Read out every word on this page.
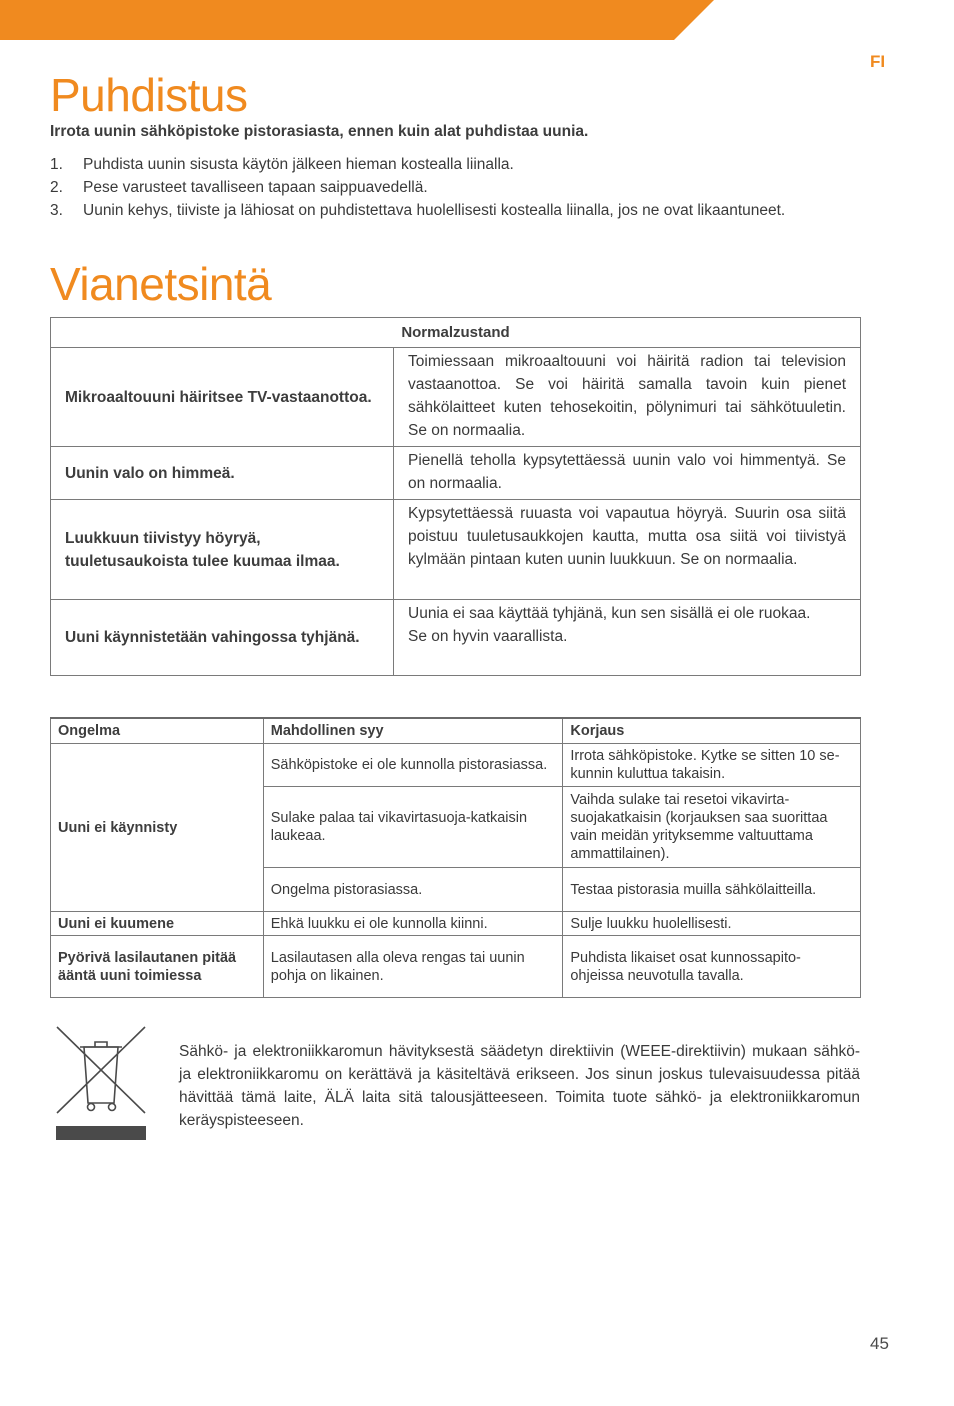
FI
Puhdistus
Irrota uunin sähköpistoke pistorasiasta, ennen kuin alat puhdistaa uunia.
1.	Puhdista uunin sisusta käytön jälkeen hieman kostealla liinalla.
2.	Pese varusteet tavalliseen tapaan saippuavedellä.
3.	Uunin kehys, tiiviste ja lähiosat on puhdistettava huolellisesti kostealla liinalla, jos ne ovat likaantuneet.
Vianetsintä
Normalzustand	
Mikroaaltouuni häiritsee TV-vastaanottoa.	Toimiessaan mikroaaltouuni voi häiritä radion tai television vastaanottoa. Se voi häiritä samalla tavoin kuin pienet sähkölaitteet kuten tehosekoitin, pölynimuri tai sähkötuuletin. Se on normaalia.
Uunin valo on himmeä.	Pienellä teholla kypsytettäessä uunin valo voi himmentyä. Se on normaalia.
Luukkuun tiivistyy höyryä, tuuletusaukoista tulee kuumaa ilmaa.	Kypsytettäessä ruuasta voi vapautua höyryä. Suurin osa siitä poistuu tuuletusaukkojen kautta, mutta osa siitä voi tiivistyä kylmään pintaan kuten uunin luukkuun. Se on normaalia.
Uuni käynnistetään vahingossa tyhjänä.	Uunia ei saa käyttää tyhjänä, kun sen sisällä ei ole ruokaa.
Se on hyvin vaarallista.
Ongelma	Mahdollinen syy	Korjaus
Uuni ei käynnisty	Sähköpistoke ei ole kunnolla pistorasiassa.	Irrota sähköpistoke. Kytke se sitten 10 se-kunnin kuluttua takaisin.
	Sulake palaa tai vikavirtasuoja-katkaisin laukeaa.	Vaihda sulake tai resetoi vikavirta-suojakatkaisin (korjauksen saa suorittaa vain meidän yrityksemme valtuuttama ammattilainen).
	Ongelma pistorasiassa.	Testaa pistorasia muilla sähkölaitteilla.
Uuni ei kuumene	Ehkä luukku ei ole kunnolla kiinni.	Sulje luukku huolellisesti.
Pyörivä lasilautanen pitää ääntä uuni toimiessa	Lasilautasen alla oleva rengas tai uunin pohja on likainen.	Puhdista likaiset osat kunnossapito-ohjeissa neuvotulla tavalla.
Sähkö- ja elektroniikkaromun hävityksestä säädetyn direktiivin (WEEE-direktiivin) mukaan sähkö- ja elektroniikkaromu on kerättävä ja käsiteltävä erikseen. Jos sinun joskus tulevaisuudessa pitää hävittää tämä laite, ÄLÄ laita sitä talousjätteeseen. Toimita tuote sähkö- ja elektroniikkaromun keräyspisteeseen.
45
